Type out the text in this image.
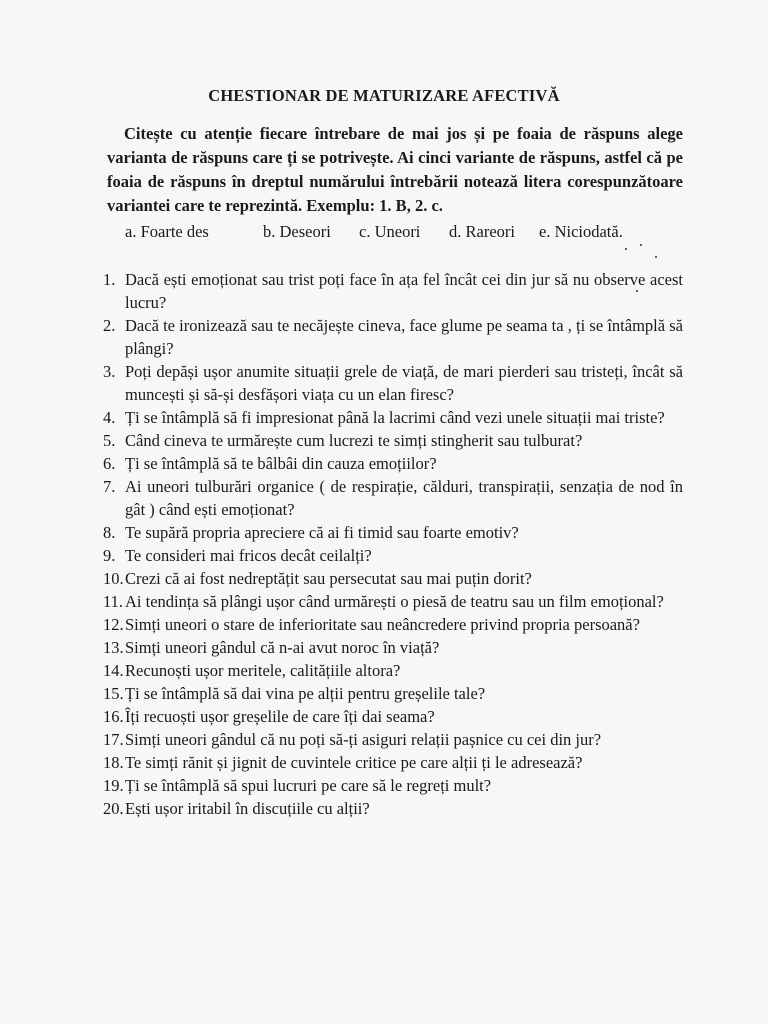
CHESTIONAR DE MATURIZARE AFECTIVĂ
Citește cu atenție fiecare întrebare de mai jos și pe foaia de răspuns alege varianta de răspuns care ți se potrivește. Ai cinci variante de răspuns, astfel că pe foaia de răspuns în dreptul numărului întrebării notează litera corespunzătoare variantei care te reprezintă. Exemplu: 1. B, 2. c.
a. Foarte des	b. Deseori c. Uneori d. Rareori e. Niciodată.
1. Dacă ești emoționat sau trist poți face în ața fel încât cei din jur să nu observe acest lucru?
2. Dacă te ironizează sau te necăjește cineva, face glume pe seama ta , ți se întâmplă să plângi?
3. Poți depăși ușor anumite situații grele de viață, de mari pierderi sau tristeți, încât să muncești și să-și desfășori viața cu un elan firesc?
4. Ți se întâmplă să fi impresionat până la lacrimi când vezi unele situații mai triste?
5. Când cineva te urmărește cum lucrezi te simți stingherit sau tulburat?
6. Ți se întâmplă să te bâlbâi din cauza emoțiilor?
7. Ai uneori tulburări organice ( de respirație, călduri, transpirații, senzația de nod în gât ) când ești emoționat?
8. Te supără propria apreciere că ai fi timid sau foarte emotiv?
9. Te consideri mai fricos decât ceilalți?
10. Crezi că ai fost nedreptățit sau persecutat sau mai puțin dorit?
11. Ai tendința să plângi ușor când urmărești o piesă de teatru sau un film emoțional?
12. Simți uneori o stare de inferioritate sau neâncredere privind propria persoană?
13. Simți uneori gândul că n-ai avut noroc în viață?
14. Recunoști ușor meritele, calitățiile altora?
15. Ți se întâmplă să dai vina pe alții pentru greșelile tale?
16. Îți recuoști ușor greșelile de care îți dai seama?
17. Simți uneori gândul că nu poți să-ți asiguri relații pașnice cu cei din jur?
18. Te simți rănit și jignit de cuvintele critice pe care alții ți le adresează?
19. Ți se întâmplă să spui lucruri pe care să le regreți mult?
20. Ești ușor iritabil în discuțiile cu alții?
